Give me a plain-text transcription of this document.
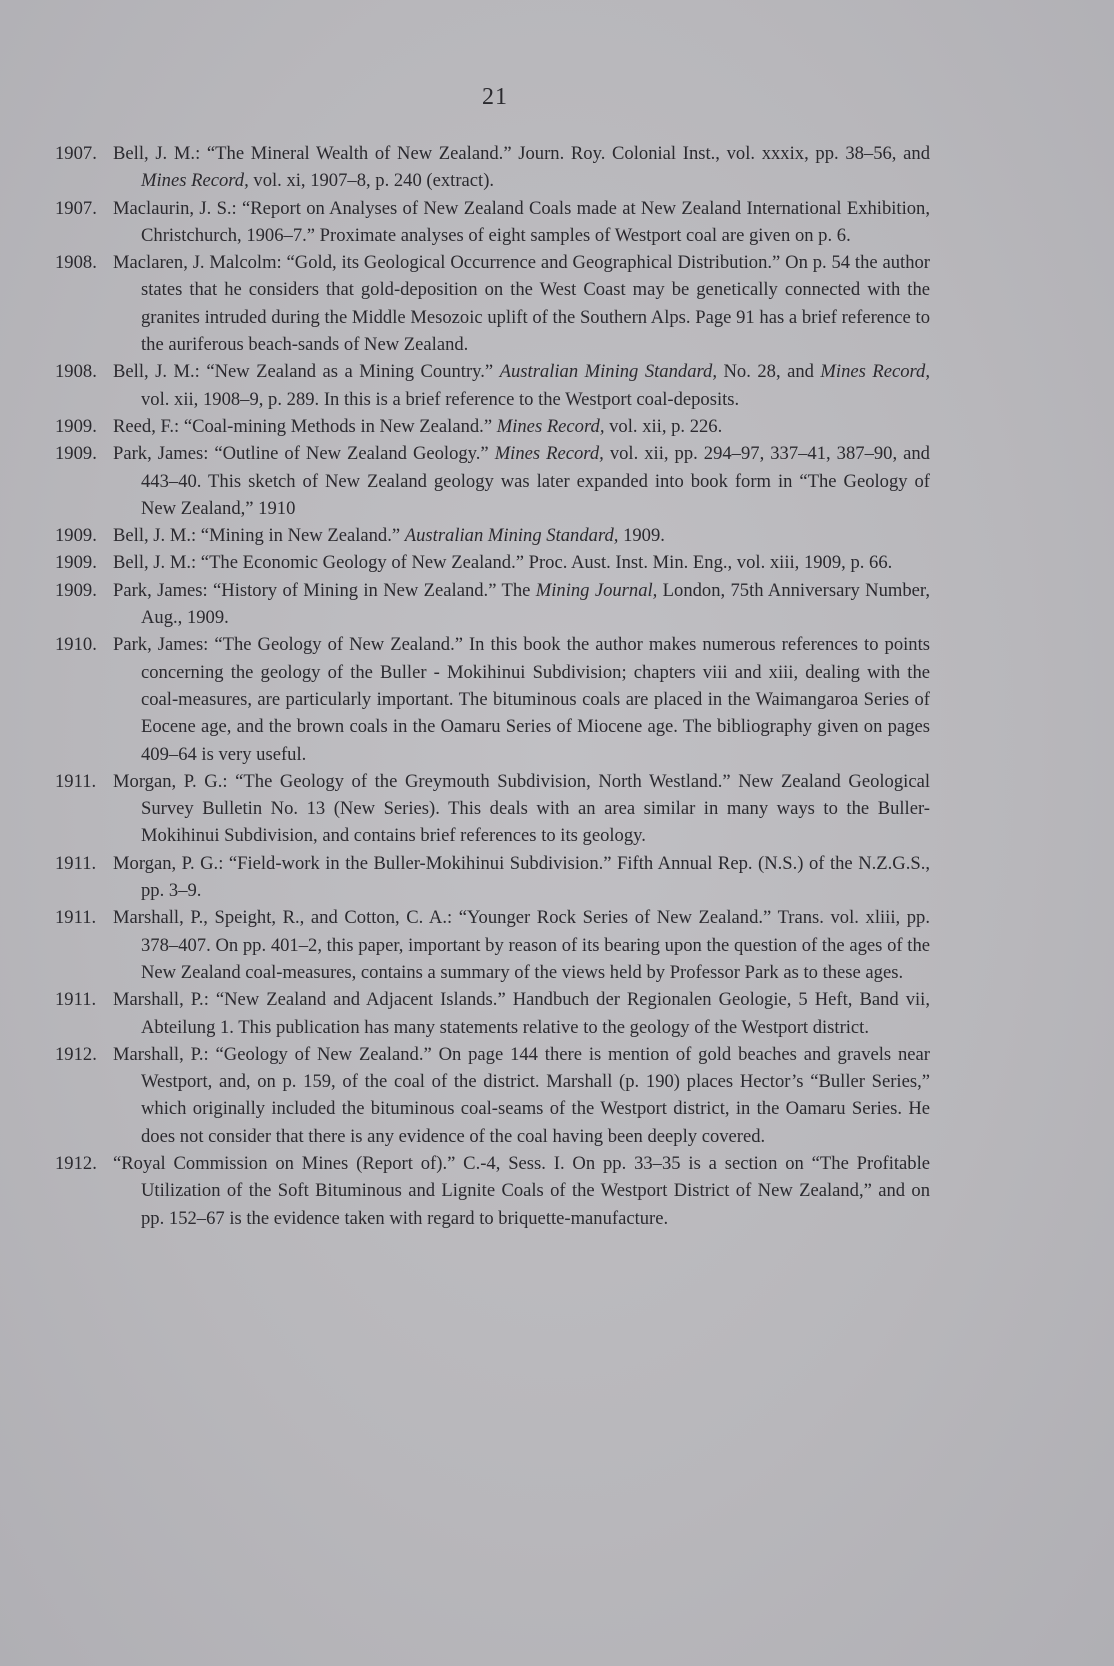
21
1907. Bell, J. M.: “The Mineral Wealth of New Zealand.” Journ. Roy. Colonial Inst., vol. xxxix, pp. 38–56, and Mines Record, vol. xi, 1907–8, p. 240 (extract).
1907. Maclaurin, J. S.: “Report on Analyses of New Zealand Coals made at New Zealand International Exhibition, Christchurch, 1906–7.” Proximate analyses of eight samples of Westport coal are given on p. 6.
1908. Maclaren, J. Malcolm: “Gold, its Geological Occurrence and Geographical Distribution.” On p. 54 the author states that he considers that gold-deposition on the West Coast may be genetically connected with the granites intruded during the Middle Mesozoic uplift of the Southern Alps. Page 91 has a brief reference to the auriferous beach-sands of New Zealand.
1908. Bell, J. M.: “New Zealand as a Mining Country.” Australian Mining Standard, No. 28, and Mines Record, vol. xii, 1908–9, p. 289. In this is a brief reference to the Westport coal-deposits.
1909. Reed, F.: “Coal-mining Methods in New Zealand.” Mines Record, vol. xii, p. 226.
1909. Park, James: “Outline of New Zealand Geology.” Mines Record, vol. xii, pp. 294–97, 337–41, 387–90, and 443–40. This sketch of New Zealand geology was later expanded into book form in “The Geology of New Zealand,” 1910
1909. Bell, J. M.: “Mining in New Zealand.” Australian Mining Standard, 1909.
1909. Bell, J. M.: “The Economic Geology of New Zealand.” Proc. Aust. Inst. Min. Eng., vol. xiii, 1909, p. 66.
1909. Park, James: “History of Mining in New Zealand.” The Mining Journal, London, 75th Anniversary Number, Aug., 1909.
1910. Park, James: “The Geology of New Zealand.” In this book the author makes numerous references to points concerning the geology of the Buller - Mokihinui Subdivision; chapters viii and xiii, dealing with the coal-measures, are particularly important. The bituminous coals are placed in the Waimangaroa Series of Eocene age, and the brown coals in the Oamaru Series of Miocene age. The bibliography given on pages 409–64 is very useful.
1911. Morgan, P. G.: “The Geology of the Greymouth Subdivision, North Westland.” New Zealand Geological Survey Bulletin No. 13 (New Series). This deals with an area similar in many ways to the Buller-Mokihinui Subdivision, and contains brief references to its geology.
1911. Morgan, P. G.: “Field-work in the Buller-Mokihinui Subdivision.” Fifth Annual Rep. (N.S.) of the N.Z.G.S., pp. 3–9.
1911. Marshall, P., Speight, R., and Cotton, C. A.: “Younger Rock Series of New Zealand.” Trans. vol. xliii, pp. 378–407. On pp. 401–2, this paper, important by reason of its bearing upon the question of the ages of the New Zealand coal-measures, contains a summary of the views held by Professor Park as to these ages.
1911. Marshall, P.: “New Zealand and Adjacent Islands.” Handbuch der Regionalen Geologie, 5 Heft, Band vii, Abteilung 1. This publication has many statements relative to the geology of the Westport district.
1912. Marshall, P.: “Geology of New Zealand.” On page 144 there is mention of gold beaches and gravels near Westport, and, on p. 159, of the coal of the district. Marshall (p. 190) places Hector’s “Buller Series,” which originally included the bituminous coal-seams of the Westport district, in the Oamaru Series. He does not consider that there is any evidence of the coal having been deeply covered.
1912. “Royal Commission on Mines (Report of).” C.-4, Sess. I. On pp. 33–35 is a section on “The Profitable Utilization of the Soft Bituminous and Lignite Coals of the Westport District of New Zealand,” and on pp. 152–67 is the evidence taken with regard to briquette-manufacture.
